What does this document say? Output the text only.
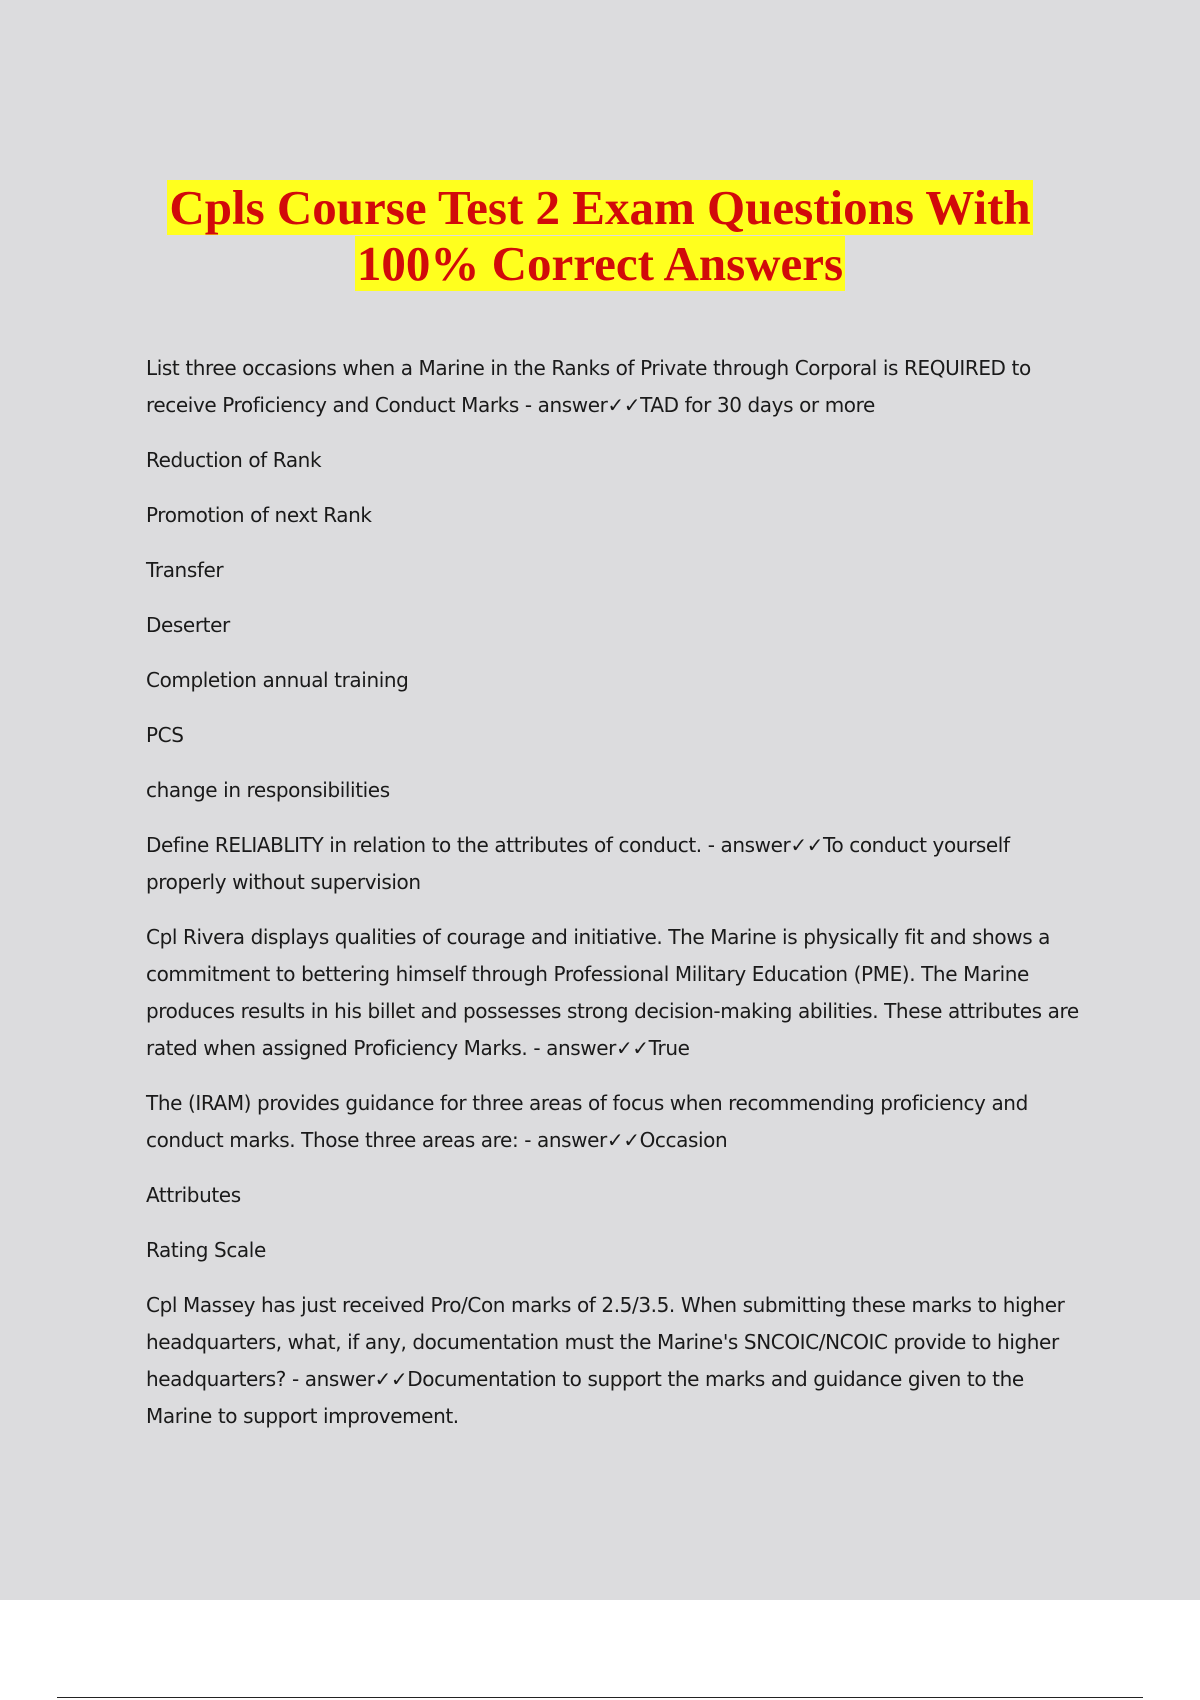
Cpls Course Test 2 Exam Questions With
100% Correct Answers

List three occasions when a Marine in the Ranks of Private through Corporal is REQUIRED to receive Proficiency and Conduct Marks - answer✓✓TAD for 30 days or more

Reduction of Rank

Promotion of next Rank

Transfer

Deserter

Completion annual training

PCS

change in responsibilities

Define RELIABLITY in relation to the attributes of conduct. - answer✓✓To conduct yourself properly without supervision

Cpl Rivera displays qualities of courage and initiative. The Marine is physically fit and shows a commitment to bettering himself through Professional Military Education (PME). The Marine produces results in his billet and possesses strong decision-making abilities. These attributes are rated when assigned Proficiency Marks. - answer✓✓True

The (IRAM) provides guidance for three areas of focus when recommending proficiency and conduct marks. Those three areas are: - answer✓✓Occasion

Attributes

Rating Scale

Cpl Massey has just received Pro/Con marks of 2.5/3.5. When submitting these marks to higher headquarters, what, if any, documentation must the Marine's SNCOIC/NCOIC provide to higher headquarters? - answer✓✓Documentation to support the marks and guidance given to the Marine to support improvement.
